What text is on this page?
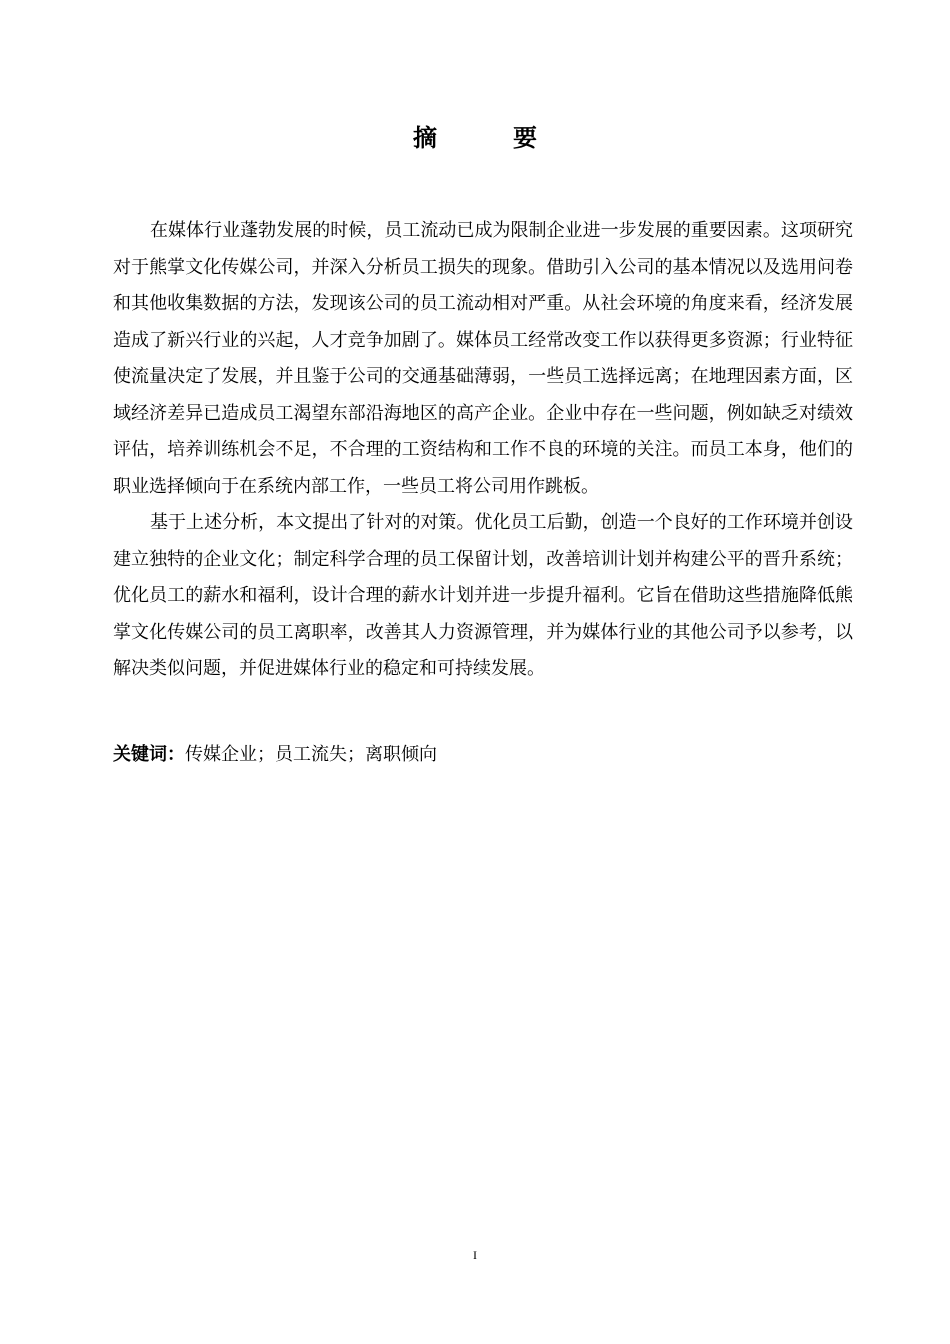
摘　要

在媒体行业蓬勃发展的时候，员工流动已成为限制企业进一步发展的重要因素。这项研究对于熊掌文化传媒公司，并深入分析员工损失的现象。借助引入公司的基本情况以及选用问卷和其他收集数据的方法，发现该公司的员工流动相对严重。从社会环境的角度来看，经济发展造成了新兴行业的兴起，人才竞争加剧了。媒体员工经常改变工作以获得更多资源；行业特征使流量决定了发展，并且鉴于公司的交通基础薄弱，一些员工选择远离；在地理因素方面，区域经济差异已造成员工渴望东部沿海地区的高产企业。企业中存在一些问题，例如缺乏对绩效评估，培养训练机会不足，不合理的工资结构和工作不良的环境的关注。而员工本身，他们的职业选择倾向于在系统内部工作，一些员工将公司用作跳板。

基于上述分析，本文提出了针对的对策。优化员工后勤，创造一个良好的工作环境并创设建立独特的企业文化；制定科学合理的员工保留计划，改善培训计划并构建公平的晋升系统；优化员工的薪水和福利，设计合理的薪水计划并进一步提升福利。它旨在借助这些措施降低熊掌文化传媒公司的员工离职率，改善其人力资源管理，并为媒体行业的其他公司予以参考，以解决类似问题，并促进媒体行业的稳定和可持续发展。

关键词：传媒企业；员工流失；离职倾向
I
